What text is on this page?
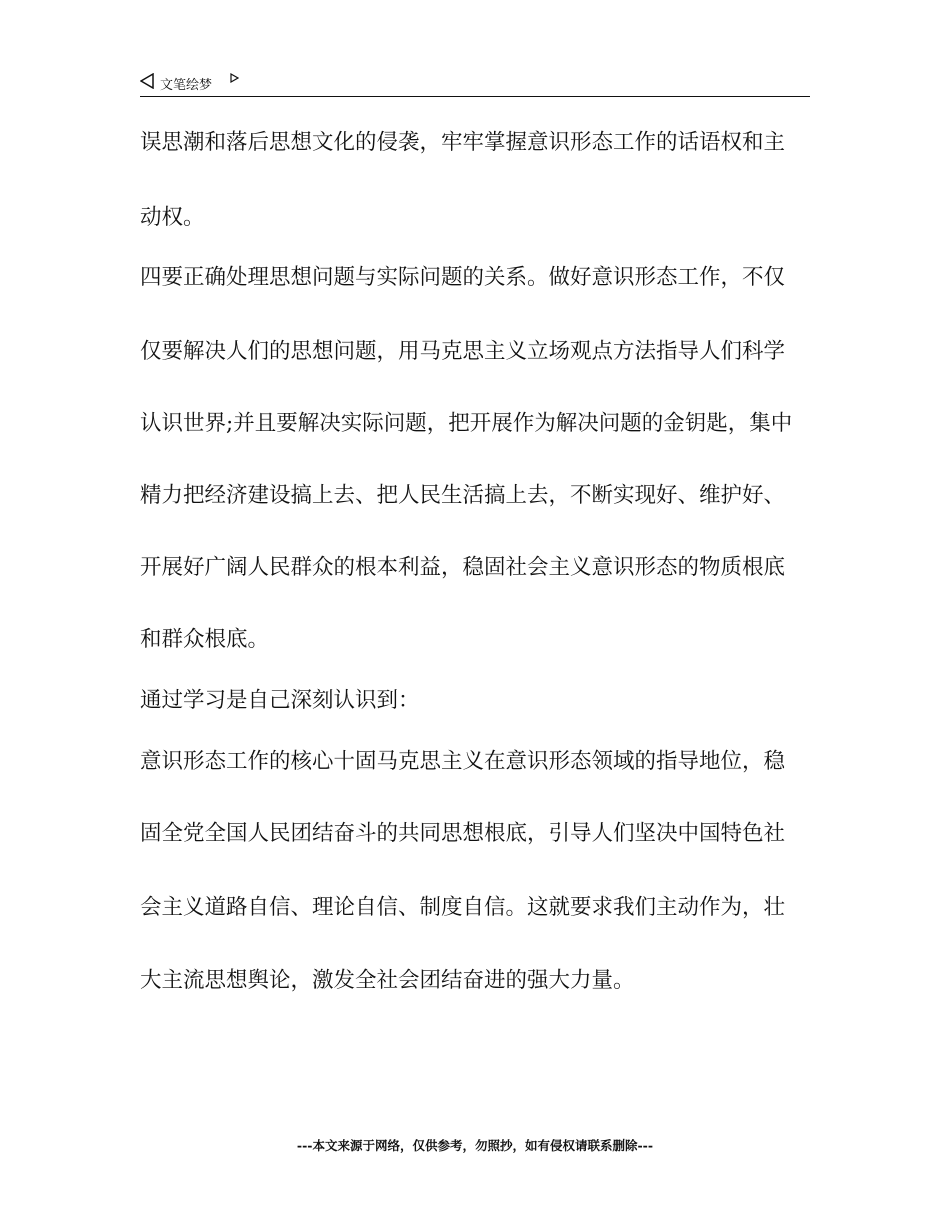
文笔绘梦
误思潮和落后思想文化的侵袭，牢牢掌握意识形态工作的话语权和主
动权。
四要正确处理思想问题与实际问题的关系。做好意识形态工作，不仅
仅要解决人们的思想问题，用马克思主义立场观点方法指导人们科学
认识世界;并且要解决实际问题，把开展作为解决问题的金钥匙，集中
精力把经济建设搞上去、把人民生活搞上去，不断实现好、维护好、
开展好广阔人民群众的根本利益，稳固社会主义意识形态的物质根底
和群众根底。
通过学习是自己深刻认识到：
意识形态工作的核心十固马克思主义在意识形态领域的指导地位，稳
固全党全国人民团结奋斗的共同思想根底，引导人们坚决中国特色社
会主义道路自信、理论自信、制度自信。这就要求我们主动作为，壮
大主流思想舆论，激发全社会团结奋进的强大力量。
---本文来源于网络，仅供参考，勿照抄，如有侵权请联系删除---
